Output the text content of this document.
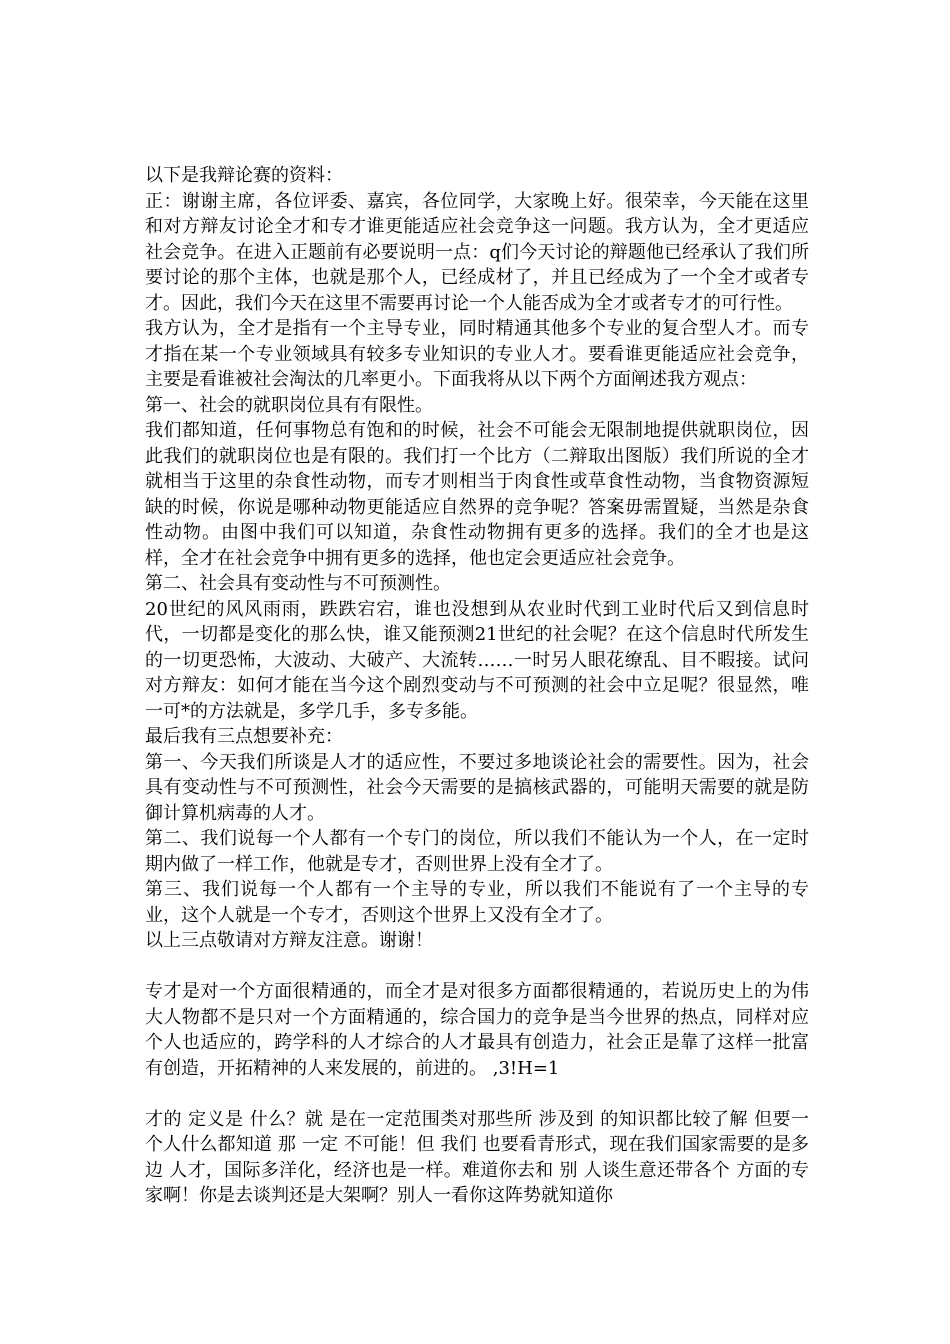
以下是我辩论赛的资料：

正：谢谢主席，各位评委、嘉宾，各位同学，大家晚上好。很荣幸，今天能在这里和对方辩友讨论全才和专才谁更能适应社会竞争这一问题。我方认为，全才更适应社会竞争。在进入正题前有必要说明一点：q们今天讨论的辩题他已经承认了我们所要讨论的那个主体，也就是那个人，已经成材了，并且已经成为了一个全才或者专才。因此，我们今天在这里不需要再讨论一个人能否成为全才或者专才的可行性。

我方认为，全才是指有一个主导专业，同时精通其他多个专业的复合型人才。而专才指在某一个专业领域具有较多专业知识的专业人才。要看谁更能适应社会竞争，主要是看谁被社会淘汰的几率更小。下面我将从以下两个方面阐述我方观点：

第一、社会的就职岗位具有有限性。

我们都知道，任何事物总有饱和的时候，社会不可能会无限制地提供就职岗位，因此我们的就职岗位也是有限的。我们打一个比方（二辩取出图版）我们所说的全才就相当于这里的杂食性动物，而专才则相当于肉食性或草食性动物，当食物资源短缺的时候，你说是哪种动物更能适应自然界的竞争呢？答案毋需置疑，当然是杂食性动物。由图中我们可以知道，杂食性动物拥有更多的选择。我们的全才也是这样，全才在社会竞争中拥有更多的选择，他也定会更适应社会竞争。

第二、社会具有变动性与不可预测性。

20世纪的风风雨雨，跌跌宕宕，谁也没想到从农业时代到工业时代后又到信息时代，一切都是变化的那么快，谁又能预测21世纪的社会呢？在这个信息时代所发生的一切更恐怖，大波动、大破产、大流转……一时另人眼花缭乱、目不暇接。试问对方辩友：如何才能在当今这个剧烈变动与不可预测的社会中立足呢？很显然，唯一可*的方法就是，多学几手，多专多能。

最后我有三点想要补充：

第一、今天我们所谈是人才的适应性，不要过多地谈论社会的需要性。因为，社会具有变动性与不可预测性，社会今天需要的是搞核武器的，可能明天需要的就是防御计算机病毒的人才。

第二、我们说每一个人都有一个专门的岗位，所以我们不能认为一个人，在一定时期内做了一样工作，他就是专才，否则世界上没有全才了。

第三、我们说每一个人都有一个主导的专业，所以我们不能说有了一个主导的专业，这个人就是一个专才，否则这个世界上又没有全才了。

以上三点敬请对方辩友注意。谢谢！

专才是对一个方面很精通的，而全才是对很多方面都很精通的，若说历史上的为伟大人物都不是只对一个方面精通的，综合国力的竞争是当今世界的热点，同样对应个人也适应的，跨学科的人才综合的人才最具有创造力，社会正是靠了这样一批富有创造，开拓精神的人来发展的，前进的。 ,3!H=1

才的 定义是 什么？就 是在一定范围类对那些所 涉及到 的知识都比较了解 但要一个人什么都知道 那 一定 不可能！但 我们 也要看青形式，现在我们国家需要的是多边 人才，国际多洋化，经济也是一样。难道你去和 别 人谈生意还带各个 方面的专家啊！你是去谈判还是大架啊？别人一看你这阵势就知道你
